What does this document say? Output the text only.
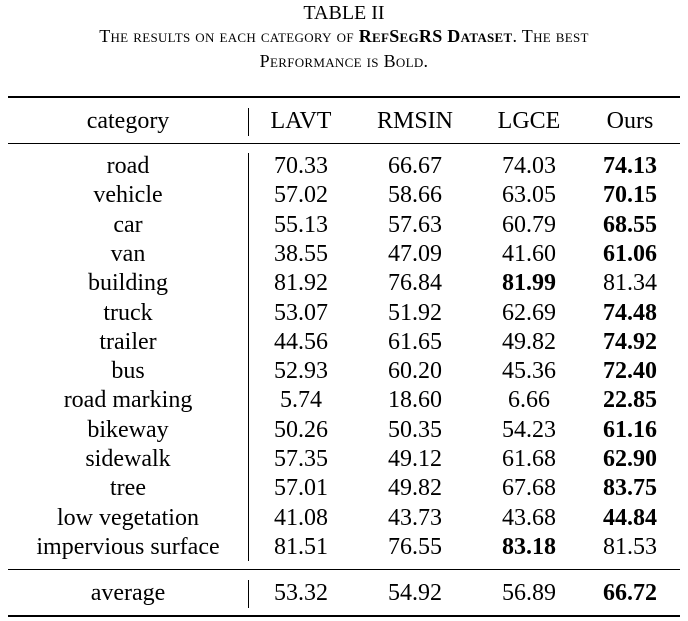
TABLE II
The results on each category of RefSegRS Dataset. The best
Performance is Bold.
category	LAVT	RMSIN	LGCE	Ours
road	70.33	66.67	74.03	74.13
vehicle	57.02	58.66	63.05	70.15
car	55.13	57.63	60.79	68.55
van	38.55	47.09	41.60	61.06
building	81.92	76.84	81.99	81.34
truck	53.07	51.92	62.69	74.48
trailer	44.56	61.65	49.82	74.92
bus	52.93	60.20	45.36	72.40
road marking	5.74	18.60	6.66	22.85
bikeway	50.26	50.35	54.23	61.16
sidewalk	57.35	49.12	61.68	62.90
tree	57.01	49.82	67.68	83.75
low vegetation	41.08	43.73	43.68	44.84
impervious surface	81.51	76.55	83.18	81.53
average	53.32	54.92	56.89	66.72
